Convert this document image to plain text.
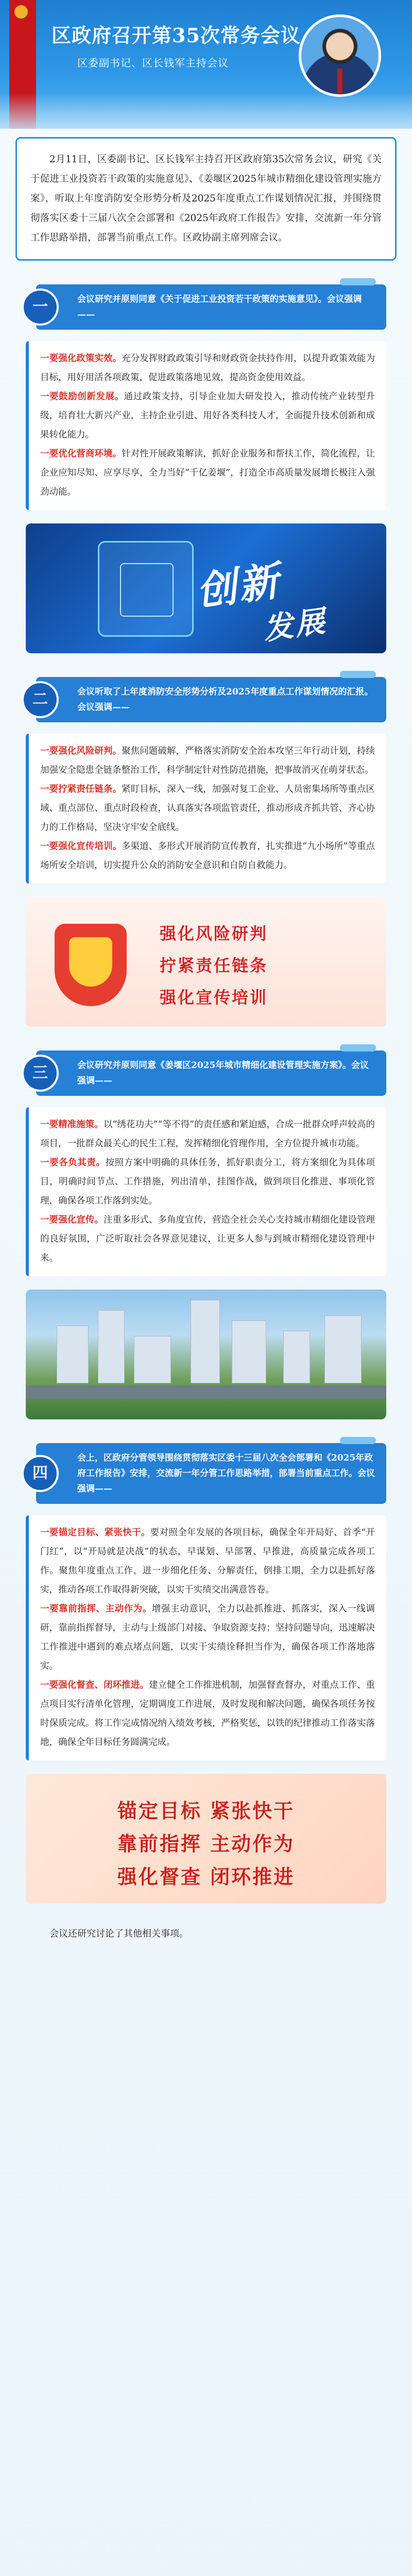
区政府召开第35次常务会议
区委副书记、区长钱军主持会议
2月11日，区委副书记、区长钱军主持召开区政府第35次常务会议，研究《关于促进工业投资若干政策的实施意见》、《姜堰区2025年城市精细化建设管理实施方案》，听取上年度消防安全形势分析及2025年度重点工作谋划情况汇报，并围绕贯彻落实区委十三届八次全会部署和《2025年政府工作报告》安排，交流新一年分管工作思路举措，部署当前重点工作。区政协副主席列席会议。
一	会议研究并原则同意《关于促进工业投资若干政策的实施意见》。会议强调——

一要强化政策实效。充分发挥财政政策引导和财政资金扶持作用，以提升政策效能为目标，用好用活各项政策，促进政策落地见效，提高资金使用效益。

一要鼓励创新发展。通过政策支持，引导企业加大研发投入，推动传统产业转型升级，培育壮大新兴产业，主持企业引进、用好各类科技人才，全面提升技术创新和成果转化能力。

一要优化营商环境。针对性开展政策解读，抓好企业服务和帮扶工作，简化流程，让企业应知尽知、应享尽享，全力当好“千亿姜堰”，打造全市高质量发展增长极注入强劲动能。

创新
发展
二	会议听取了上年度消防安全形势分析及2025年度重点工作谋划情况的汇报。会议强调——

一要强化风险研判。聚焦问题破解，严格落实消防安全治本攻坚三年行动计划，持续加强安全隐患全链条整治工作，科学制定针对性防范措施，把事故消灭在萌芽状态。

一要拧紧责任链条。紧盯目标，深入一线，加强对复工企业、人员密集场所等重点区域、重点部位、重点时段检查，认真落实各项监管责任，推动形成齐抓共管、齐心协力的工作格局，坚决守牢安全底线。

一要强化宣传培训。多渠道、多形式开展消防宣传教育，扎实推进“九小场所”等重点场所安全培训，切实提升公众的消防安全意识和自防自救能力。

强化风险研判
拧紧责任链条
强化宣传培训
三	会议研究并原则同意《姜堰区2025年城市精细化建设管理实施方案》。会议强调——

一要精准施策。以“绣花功夫”“等不得”的责任感和紧迫感，合成一批群众呼声较高的项目，一批群众最关心的民生工程，发挥精细化管理作用，全方位提升城市功能。

一要各负其责。按照方案中明确的具体任务，抓好职责分工，将方案细化为具体项目，明确时间节点、工作措施，列出清单，挂图作战，做到项目化推进、事项化管理，确保各项工作落到实处。

一要强化宣传。注重多形式、多角度宣传，营造全社会关心支持城市精细化建设管理的良好氛围，广泛听取社会各界意见建议，让更多人参与到城市精细化建设管理中来。

四
会上，区政府分管领导围绕贯彻落实区委十三届八次全会部署和《2025年政府工作报告》安排，交流新一年分管工作思路举措，部署当前重点工作。会议强调——

一要锚定目标、紧张快干。要对照全年发展的各项目标，确保全年开局好、首季“开门红”，以“开局就是决战”的状态，早谋划、早部署、早推进，高质量完成各项工作。聚焦年度重点工作，进一步细化任务、分解责任，倒排工期，全力以赴抓好落实，推动各项工作取得新突破，以实干实绩交出满意答卷。

一要靠前指挥、主动作为。增强主动意识，全力以赴抓推进、抓落实，深入一线调研，靠前指挥督导，主动与上级部门对接、争取资源支持；坚持问题导向，迅速解决工作推进中遇到的难点堵点问题，以实干实绩诠释担当作为，确保各项工作落地落实。

一要强化督查、闭环推进。建立健全工作推进机制，加强督查督办，对重点工作、重点项目实行清单化管理，定期调度工作进展，及时发现和解决问题，确保各项任务按时保质完成。将工作完成情况纳入绩效考核，严格奖惩，以铁的纪律推动工作落实落地，确保全年目标任务圆满完成。

锚定目标 紧张快干
靠前指挥 主动作为
强化督查 闭环推进
会议还研究讨论了其他相关事项。
